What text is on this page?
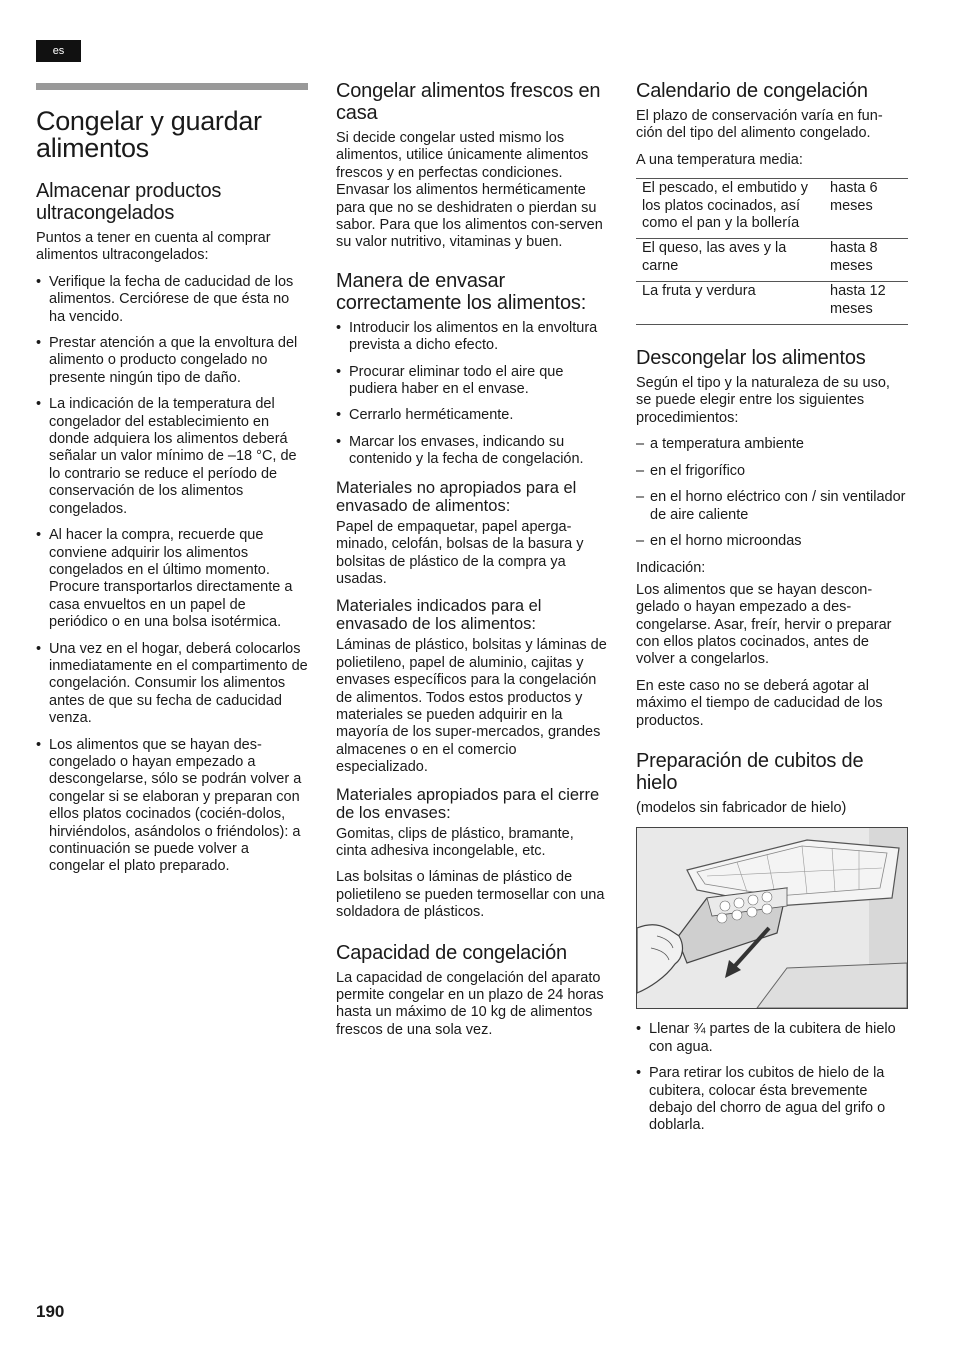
es
Congelar y guardar alimentos
Almacenar productos ultracongelados

Puntos a tener en cuenta al comprar alimentos ultracongelados:

• Verifique la fecha de caducidad de los alimentos. Cerciórese de que ésta no ha vencido.
• Prestar atención a que la envoltura del alimento o producto congelado no presente ningún tipo de daño.
• La indicación de la temperatura del congelador del establecimiento en donde adquiera los alimentos deberá señalar un valor mínimo de –18 °C, de lo contrario se reduce el período de conservación de los alimentos congelados.
• Al hacer la compra, recuerde que conviene adquirir los alimentos congelados en el último momento. Procure transportarlos directamente a casa envueltos en un papel de periódico o en una bolsa isotérmica.
• Una vez en el hogar, deberá colocarlos inmediatamente en el compartimento de congelación. Consumir los alimentos antes de que su fecha de caducidad venza.
• Los alimentos que se hayan des-congelado o hayan empezado a descongelarse, sólo se podrán volver a congelar si se elaboran y preparan con ellos platos cocinados (cocién-dolos, hirviéndolos, asándolos o friéndolos): a continuación se puede volver a congelar el plato preparado.
Congelar alimentos frescos en casa

Si decide congelar usted mismo los alimentos, utilice únicamente alimentos frescos y en perfectas condiciones. Envasar los alimentos herméticamente para que no se deshidraten o pierdan su sabor. Para que los alimentos con-serven su valor nutritivo, vitaminas y buen.

Manera de envasar correctamente los alimentos:
• Introducir los alimentos en la envoltura prevista a dicho efecto.
• Procurar eliminar todo el aire que pudiera haber en el envase.
• Cerrarlo herméticamente.
• Marcar los envases, indicando su contenido y la fecha de congelación.
Materiales no apropiados para el envasado de alimentos:

Papel de empaquetar, papel aperga-minado, celofán, bolsas de la basura y bolsitas de plástico de la compra ya usadas.

Materiales indicados para el envasado de los alimentos:

Láminas de plástico, bolsitas y láminas de polietileno, papel de aluminio, cajitas y envases específicos para la congelación de alimentos. Todos estos productos y materiales se pueden adquirir en la mayoría de los super-mercados, grandes almacenes o en el comercio especializado.

Materiales apropiados para el cierre de los envases:

Gomitas, clips de plástico, bramante, cinta adhesiva incongelable, etc.

Las bolsitas o láminas de plástico de polietileno se pueden termosellar con una soldadora de plásticos.

Capacidad de congelación

La capacidad de congelación del aparato permite congelar en un plazo de 24 horas hasta un máximo de 10 kg de alimentos frescos de una sola vez.

Calendario de congelación

El plazo de conservación varía en fun-ción del tipo del alimento congelado.

A una temperatura media:

El pescado, el embutido y los platos cocinados, así como el pan y la bollería	hasta 6 meses
El queso, las aves y la carne	hasta 8 meses
La fruta y verdura	hasta 12 meses
Descongelar los alimentos

Según el tipo y la naturaleza de su uso, se puede elegir entre los siguientes procedimientos:

– a temperatura ambiente
– en el frigorífico
– en el horno eléctrico con / sin ventilador de aire caliente
– en el horno microondas
Indicación:

Los alimentos que se hayan descon-gelado o hayan empezado a des-congelarse. Asar, freír, hervir o preparar con ellos platos cocinados, antes de volver a congelarlos.

En este caso no se deberá agotar al máximo el tiempo de caducidad de los productos.

Preparación de cubitos de hielo

(modelos sin fabricador de hielo)

• Llenar ¾ partes de la cubitera de hielo con agua.
• Para retirar los cubitos de hielo de la cubitera, colocar ésta brevemente debajo del chorro de agua del grifo o doblarla.
190
